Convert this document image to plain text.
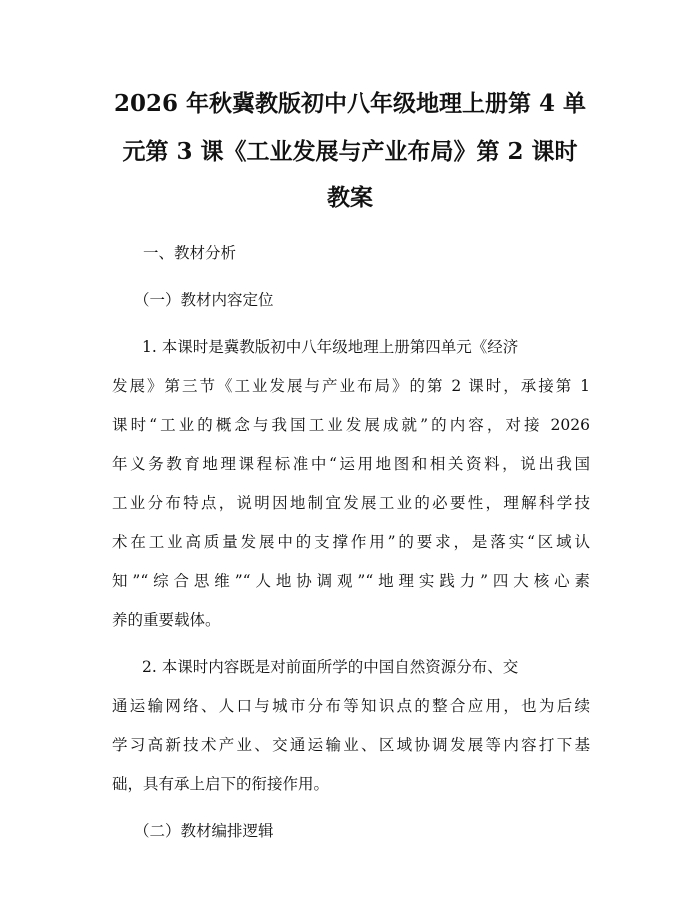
2026 年秋冀教版初中八年级地理上册第 4 单
元第 3 课《工业发展与产业布局》第 2 课时
教案

一、教材分析

（一）教材内容定位

1. 本课时是冀教版初中八年级地理上册第四单元《经济
发展》第三节《工业发展与产业布局》的第 2 课时，承接第 1
课时“工业的概念与我国工业发展成就”的内容，对接 2026
年义务教育地理课程标准中“运用地图和相关资料，说出我国
工业分布特点，说明因地制宜发展工业的必要性，理解科学技
术在工业高质量发展中的支撑作用”的要求，是落实“区域认
知”“综合思维”“人地协调观”“地理实践力”四大核心素
养的重要载体。
2. 本课时内容既是对前面所学的中国自然资源分布、交
通运输网络、人口与城市分布等知识点的整合应用，也为后续
学习高新技术产业、交通运输业、区域协调发展等内容打下基
础，具有承上启下的衔接作用。

（二）教材编排逻辑
